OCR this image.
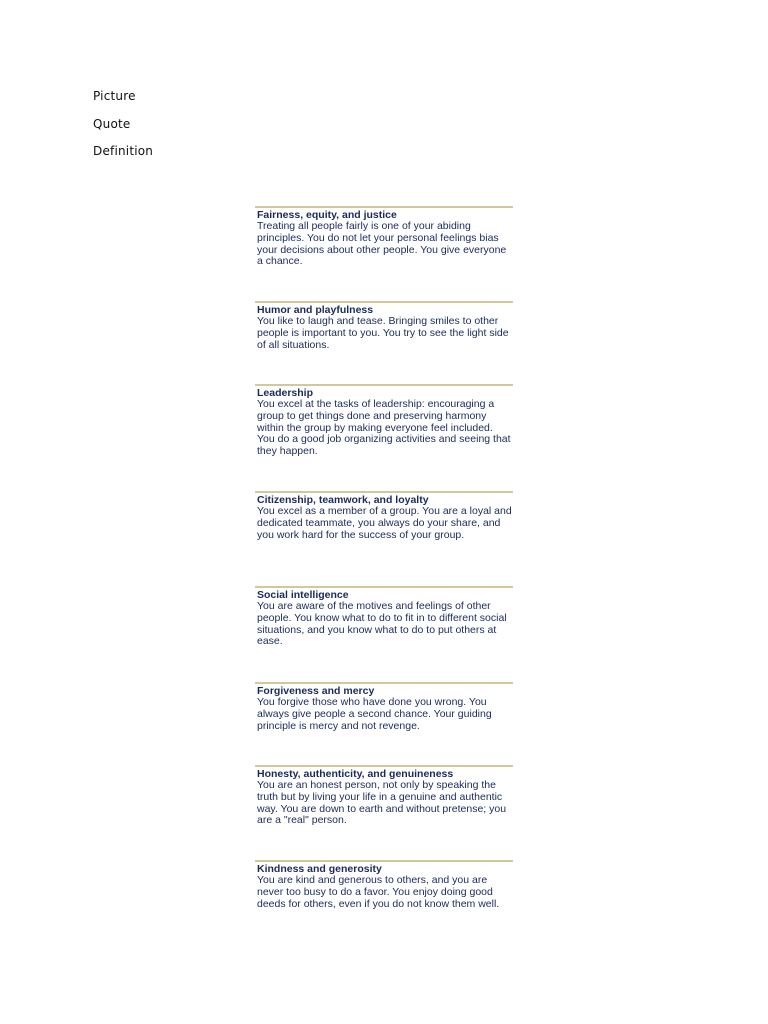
Picture
Quote
Definition
Fairness, equity, and justice
Treating all people fairly is one of your abiding principles. You do not let your personal feelings bias your decisions about other people. You give everyone a chance.
Humor and playfulness
You like to laugh and tease. Bringing smiles to other people is important to you. You try to see the light side of all situations.
Leadership
You excel at the tasks of leadership: encouraging a group to get things done and preserving harmony within the group by making everyone feel included. You do a good job organizing activities and seeing that they happen.
Citizenship, teamwork, and loyalty
You excel as a member of a group. You are a loyal and dedicated teammate, you always do your share, and you work hard for the success of your group.
Social intelligence
You are aware of the motives and feelings of other people. You know what to do to fit in to different social situations, and you know what to do to put others at ease.
Forgiveness and mercy
You forgive those who have done you wrong. You always give people a second chance. Your guiding principle is mercy and not revenge.
Honesty, authenticity, and genuineness
You are an honest person, not only by speaking the truth but by living your life in a genuine and authentic way. You are down to earth and without pretense; you are a "real" person.
Kindness and generosity
You are kind and generous to others, and you are never too busy to do a favor. You enjoy doing good deeds for others, even if you do not know them well.
